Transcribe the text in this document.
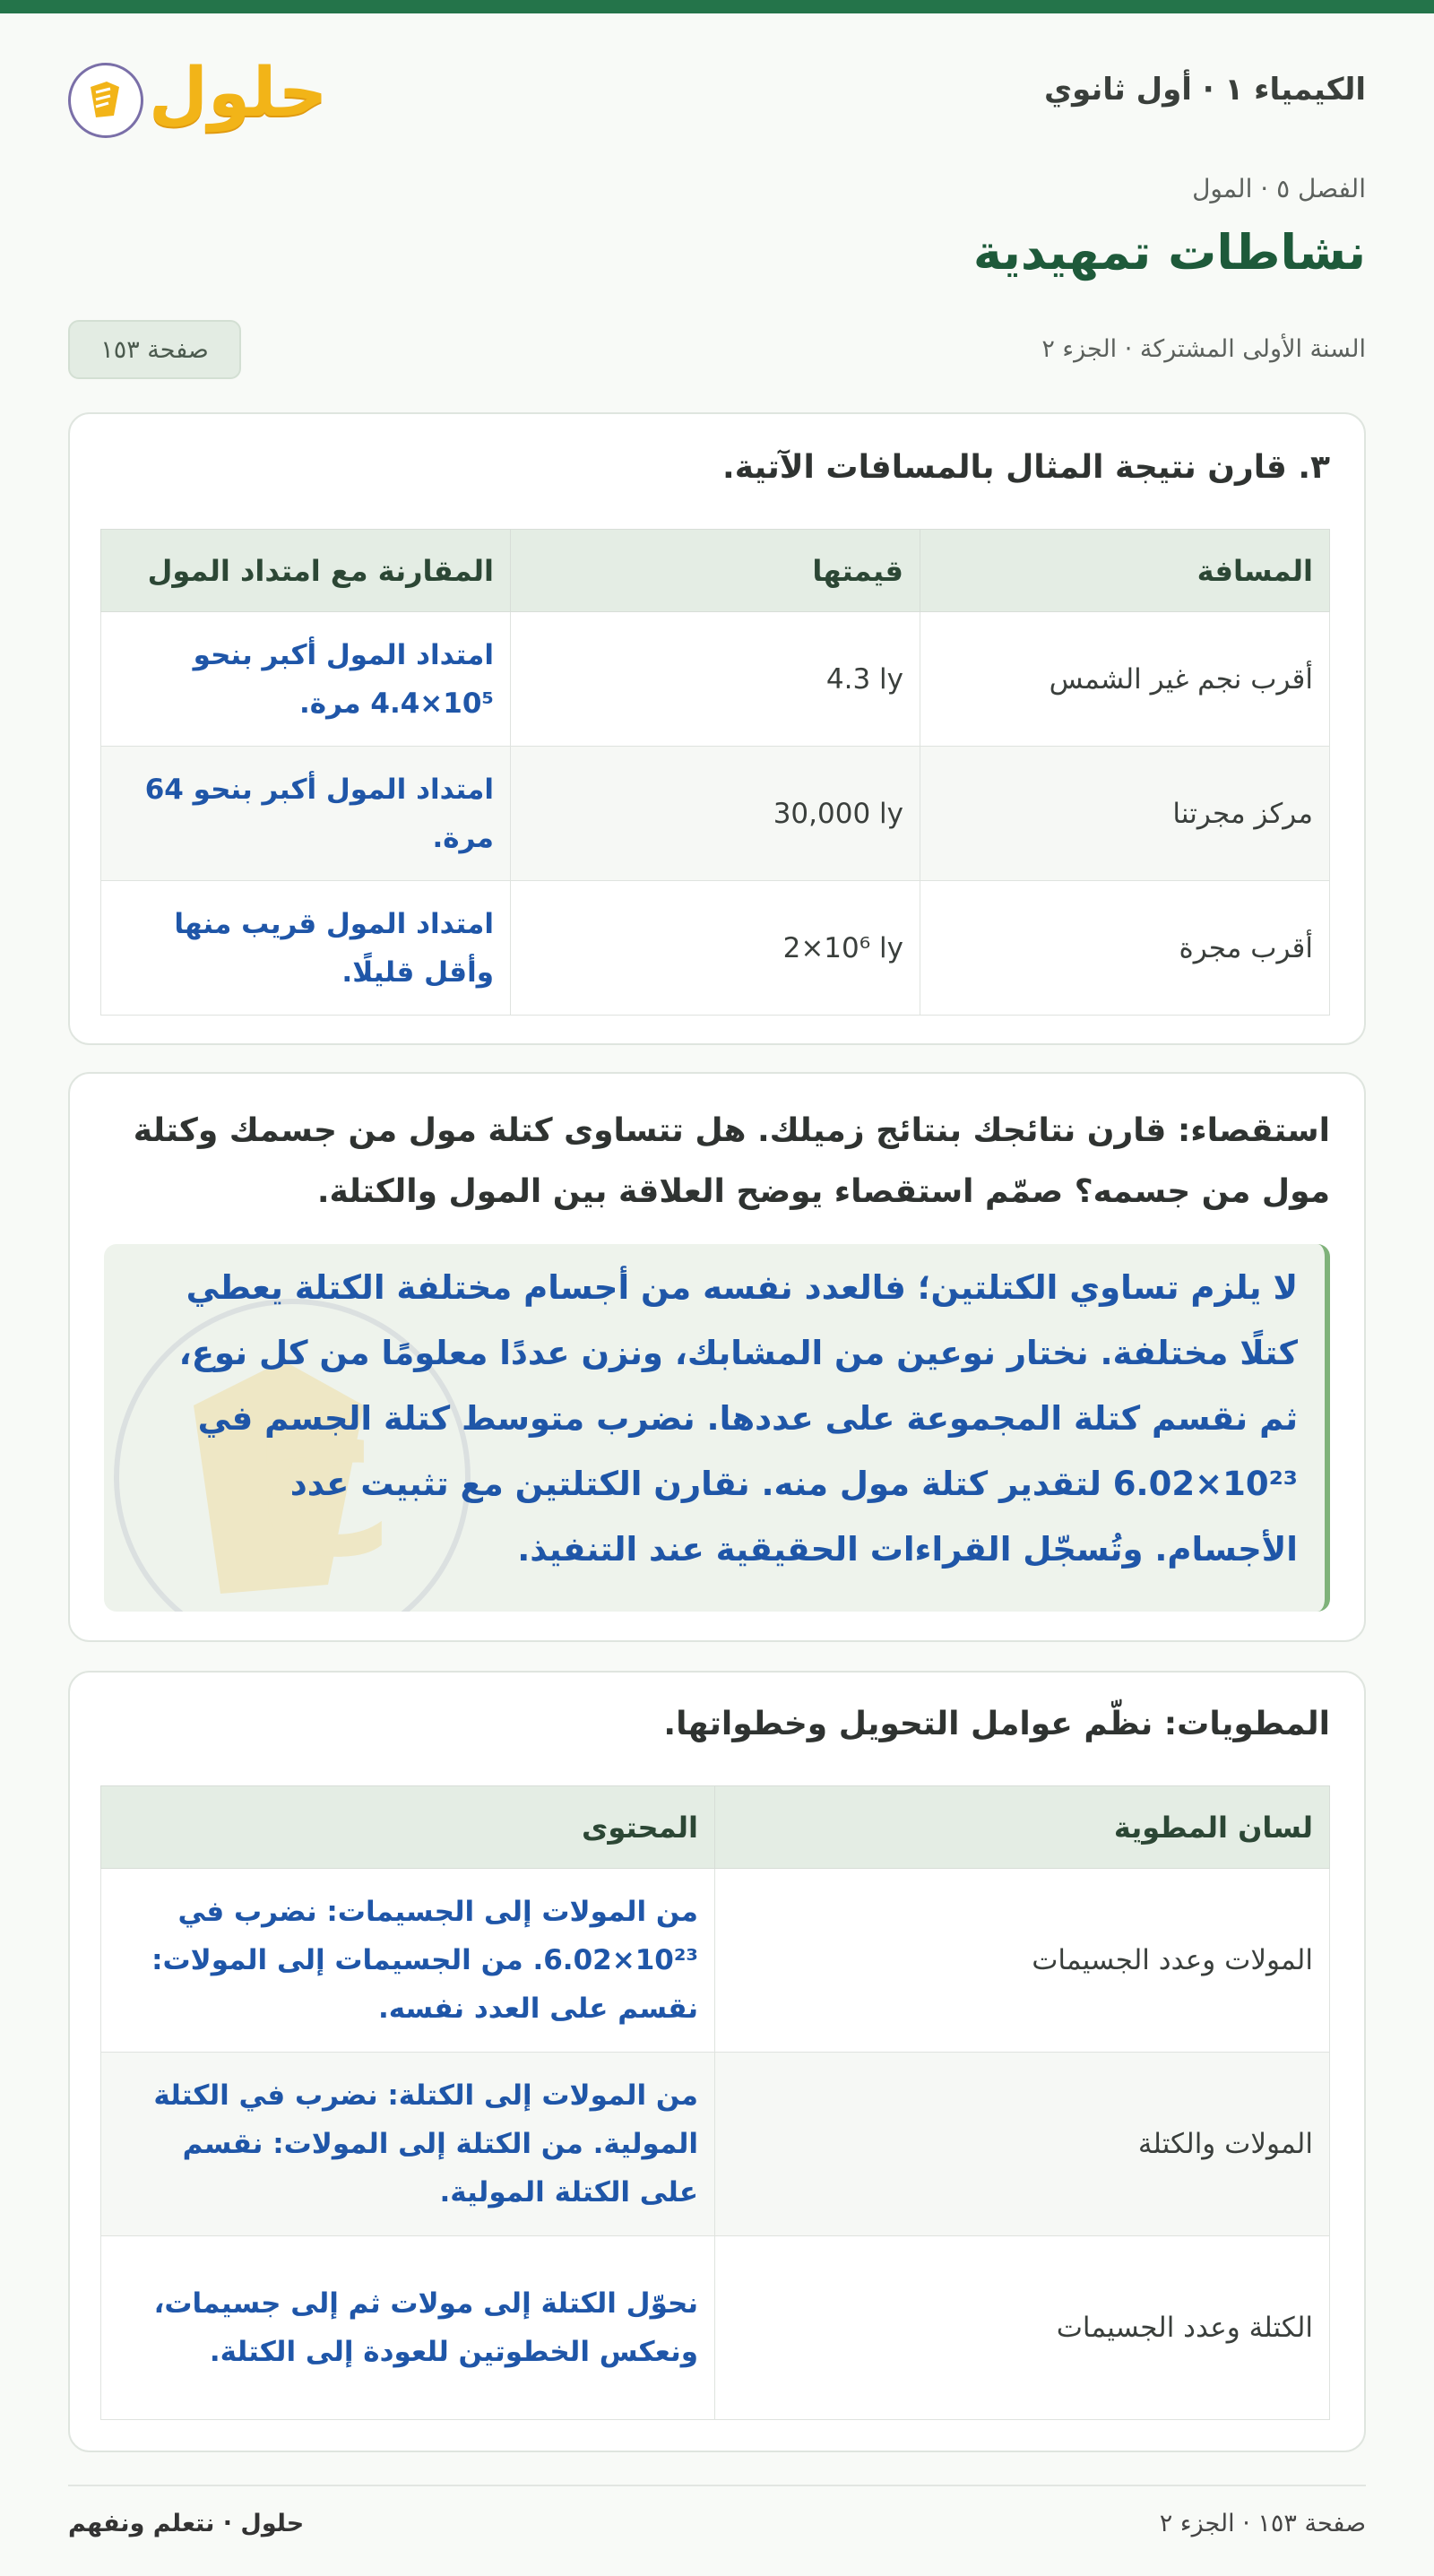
الكيمياء ١ · أول ثانوي
حلول
الفصل ٥ · المول
نشاطات تمهيدية
السنة الأولى المشتركة · الجزء ٢
صفحة ١٥٣
٣. قارن نتيجة المثال بالمسافات الآتية.
المسافة	قيمتها	المقارنة مع امتداد المول
أقرب نجم غير الشمس	4.3 ly	امتداد المول أكبر بنحو ‎4.4×10⁵‎ مرة.
مركز مجرتنا	30,000 ly	امتداد المول أكبر بنحو 64 مرة.
أقرب مجرة	2×10⁶ ly	امتداد المول قريب منها وأقل قليلًا.
استقصاء: قارن نتائجك بنتائج زميلك. هل تتساوى كتلة مول من جسمك وكتلة مول من جسمه؟ صمّم استقصاء يوضح العلاقة بين المول والكتلة.
ح
لا يلزم تساوي الكتلتين؛ فالعدد نفسه من أجسام مختلفة الكتلة يعطي كتلًا مختلفة. نختار نوعين من المشابك، ونزن عددًا معلومًا من كل نوع، ثم نقسم كتلة المجموعة على عددها. نضرب متوسط كتلة الجسم في ‎6.02×10²³‎ لتقدير كتلة مول منه. نقارن الكتلتين مع تثبيت عدد الأجسام. وتُسجّل القراءات الحقيقية عند التنفيذ.
المطويات: نظّم عوامل التحويل وخطواتها.
لسان المطوية	المحتوى
المولات وعدد الجسيمات	من المولات إلى الجسيمات: نضرب في ‎6.02×10²³‎. من الجسيمات إلى المولات: نقسم على العدد نفسه.
المولات والكتلة	من المولات إلى الكتلة: نضرب في الكتلة المولية. من الكتلة إلى المولات: نقسم على الكتلة المولية.
الكتلة وعدد الجسيمات	نحوّل الكتلة إلى مولات ثم إلى جسيمات، ونعكس الخطوتين للعودة إلى الكتلة.
حلول · نتعلم ونفهم	صفحة ١٥٣ · الجزء ٢
